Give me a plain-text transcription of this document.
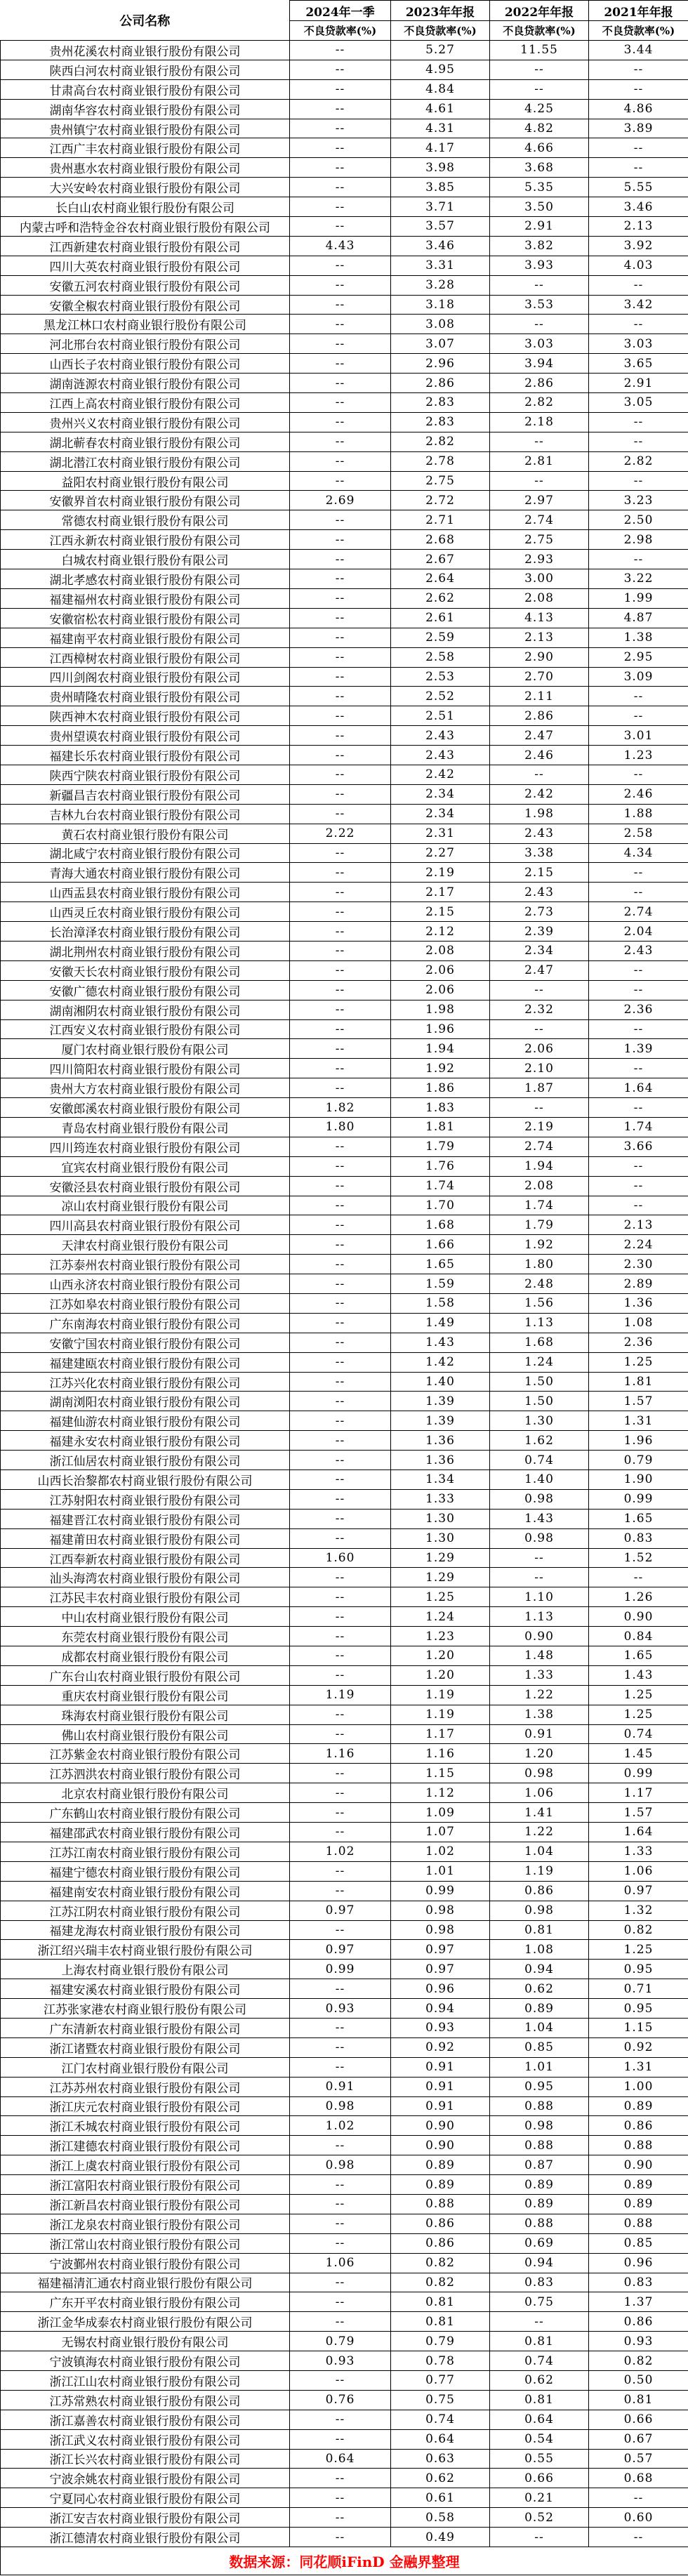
公司名称	2024年一季	2023年年报	2022年年报	2021年年报
	不良贷款率(%)	不良贷款率(%)	不良贷款率(%)	不良贷款率(%)
贵州花溪农村商业银行股份有限公司	--	5.27	11.55	3.44
陕西白河农村商业银行股份有限公司	--	4.95	--	--
甘肃高台农村商业银行股份有限公司	--	4.84	--	--
湖南华容农村商业银行股份有限公司	--	4.61	4.25	4.86
贵州镇宁农村商业银行股份有限公司	--	4.31	4.82	3.89
江西广丰农村商业银行股份有限公司	--	4.17	4.66	--
贵州惠水农村商业银行股份有限公司	--	3.98	3.68	--
大兴安岭农村商业银行股份有限公司	--	3.85	5.35	5.55
长白山农村商业银行股份有限公司	--	3.71	3.50	3.46
内蒙古呼和浩特金谷农村商业银行股份有限公司	--	3.57	2.91	2.13
江西新建农村商业银行股份有限公司	4.43	3.46	3.82	3.92
四川大英农村商业银行股份有限公司	--	3.31	3.93	4.03
安徽五河农村商业银行股份有限公司	--	3.28	--	--
安徽全椒农村商业银行股份有限公司	--	3.18	3.53	3.42
黑龙江林口农村商业银行股份有限公司	--	3.08	--	--
河北邢台农村商业银行股份有限公司	--	3.07	3.03	3.03
山西长子农村商业银行股份有限公司	--	2.96	3.94	3.65
湖南涟源农村商业银行股份有限公司	--	2.86	2.86	2.91
江西上高农村商业银行股份有限公司	--	2.83	2.82	3.05
贵州兴义农村商业银行股份有限公司	--	2.83	2.18	--
湖北蕲春农村商业银行股份有限公司	--	2.82	--	--
湖北潜江农村商业银行股份有限公司	--	2.78	2.81	2.82
益阳农村商业银行股份有限公司	--	2.75	--	--
安徽界首农村商业银行股份有限公司	2.69	2.72	2.97	3.23
常德农村商业银行股份有限公司	--	2.71	2.74	2.50
江西永新农村商业银行股份有限公司	--	2.68	2.75	2.98
白城农村商业银行股份有限公司	--	2.67	2.93	--
湖北孝感农村商业银行股份有限公司	--	2.64	3.00	3.22
福建福州农村商业银行股份有限公司	--	2.62	2.08	1.99
安徽宿松农村商业银行股份有限公司	--	2.61	4.13	4.87
福建南平农村商业银行股份有限公司	--	2.59	2.13	1.38
江西樟树农村商业银行股份有限公司	--	2.58	2.90	2.95
四川剑阁农村商业银行股份有限公司	--	2.53	2.70	3.09
贵州晴隆农村商业银行股份有限公司	--	2.52	2.11	--
陕西神木农村商业银行股份有限公司	--	2.51	2.86	--
贵州望谟农村商业银行股份有限公司	--	2.43	2.47	3.01
福建长乐农村商业银行股份有限公司	--	2.43	2.46	1.23
陕西宁陕农村商业银行股份有限公司	--	2.42	--	--
新疆昌吉农村商业银行股份有限公司	--	2.34	2.42	2.46
吉林九台农村商业银行股份有限公司	--	2.34	1.98	1.88
黄石农村商业银行股份有限公司	2.22	2.31	2.43	2.58
湖北咸宁农村商业银行股份有限公司	--	2.27	3.38	4.34
青海大通农村商业银行股份有限公司	--	2.19	2.15	--
山西盂县农村商业银行股份有限公司	--	2.17	2.43	--
山西灵丘农村商业银行股份有限公司	--	2.15	2.73	2.74
长治漳泽农村商业银行股份有限公司	--	2.12	2.39	2.04
湖北荆州农村商业银行股份有限公司	--	2.08	2.34	2.43
安徽天长农村商业银行股份有限公司	--	2.06	2.47	--
安徽广德农村商业银行股份有限公司	--	2.06	--	--
湖南湘阴农村商业银行股份有限公司	--	1.98	2.32	2.36
江西安义农村商业银行股份有限公司	--	1.96	--	--
厦门农村商业银行股份有限公司	--	1.94	2.06	1.39
四川简阳农村商业银行股份有限公司	--	1.92	2.10	--
贵州大方农村商业银行股份有限公司	--	1.86	1.87	1.64
安徽郎溪农村商业银行股份有限公司	1.82	1.83	--	--
青岛农村商业银行股份有限公司	1.80	1.81	2.19	1.74
四川筠连农村商业银行股份有限公司	--	1.79	2.74	3.66
宜宾农村商业银行股份有限公司	--	1.76	1.94	--
安徽泾县农村商业银行股份有限公司	--	1.74	2.08	--
凉山农村商业银行股份有限公司	--	1.70	1.74	--
四川高县农村商业银行股份有限公司	--	1.68	1.79	2.13
天津农村商业银行股份有限公司	--	1.66	1.92	2.24
江苏泰州农村商业银行股份有限公司	--	1.65	1.80	2.30
山西永济农村商业银行股份有限公司	--	1.59	2.48	2.89
江苏如皋农村商业银行股份有限公司	--	1.58	1.56	1.36
广东南海农村商业银行股份有限公司	--	1.49	1.13	1.08
安徽宁国农村商业银行股份有限公司	--	1.43	1.68	2.36
福建建瓯农村商业银行股份有限公司	--	1.42	1.24	1.25
江苏兴化农村商业银行股份有限公司	--	1.40	1.50	1.81
湖南浏阳农村商业银行股份有限公司	--	1.39	1.50	1.57
福建仙游农村商业银行股份有限公司	--	1.39	1.30	1.31
福建永安农村商业银行股份有限公司	--	1.36	1.62	1.96
浙江仙居农村商业银行股份有限公司	--	1.36	0.74	0.79
山西长治黎都农村商业银行股份有限公司	--	1.34	1.40	1.90
江苏射阳农村商业银行股份有限公司	--	1.33	0.98	0.99
福建晋江农村商业银行股份有限公司	--	1.30	1.43	1.65
福建莆田农村商业银行股份有限公司	--	1.30	0.98	0.83
江西奉新农村商业银行股份有限公司	1.60	1.29	--	1.52
汕头海湾农村商业银行股份有限公司	--	1.29	--	--
江苏民丰农村商业银行股份有限公司	--	1.25	1.10	1.26
中山农村商业银行股份有限公司	--	1.24	1.13	0.90
东莞农村商业银行股份有限公司	--	1.23	0.90	0.84
成都农村商业银行股份有限公司	--	1.20	1.48	1.65
广东台山农村商业银行股份有限公司	--	1.20	1.33	1.43
重庆农村商业银行股份有限公司	1.19	1.19	1.22	1.25
珠海农村商业银行股份有限公司	--	1.19	1.38	1.25
佛山农村商业银行股份有限公司	--	1.17	0.91	0.74
江苏紫金农村商业银行股份有限公司	1.16	1.16	1.20	1.45
江苏泗洪农村商业银行股份有限公司	--	1.15	0.98	0.99
北京农村商业银行股份有限公司	--	1.12	1.06	1.17
广东鹤山农村商业银行股份有限公司	--	1.09	1.41	1.57
福建邵武农村商业银行股份有限公司	--	1.07	1.22	1.64
江苏江南农村商业银行股份有限公司	1.02	1.02	1.04	1.33
福建宁德农村商业银行股份有限公司	--	1.01	1.19	1.06
福建南安农村商业银行股份有限公司	--	0.99	0.86	0.97
江苏江阴农村商业银行股份有限公司	0.97	0.98	0.98	1.32
福建龙海农村商业银行股份有限公司	--	0.98	0.81	0.82
浙江绍兴瑞丰农村商业银行股份有限公司	0.97	0.97	1.08	1.25
上海农村商业银行股份有限公司	0.99	0.97	0.94	0.95
福建安溪农村商业银行股份有限公司	--	0.96	0.62	0.71
江苏张家港农村商业银行股份有限公司	0.93	0.94	0.89	0.95
广东清新农村商业银行股份有限公司	--	0.93	1.04	1.15
浙江诸暨农村商业银行股份有限公司	--	0.92	0.85	0.92
江门农村商业银行股份有限公司	--	0.91	1.01	1.31
江苏苏州农村商业银行股份有限公司	0.91	0.91	0.95	1.00
浙江庆元农村商业银行股份有限公司	0.98	0.91	0.88	0.89
浙江禾城农村商业银行股份有限公司	1.02	0.90	0.98	0.86
浙江建德农村商业银行股份有限公司	--	0.90	0.88	0.88
浙江上虞农村商业银行股份有限公司	0.98	0.89	0.87	0.90
浙江富阳农村商业银行股份有限公司	--	0.89	0.89	0.89
浙江新昌农村商业银行股份有限公司	--	0.88	0.89	0.89
浙江龙泉农村商业银行股份有限公司	--	0.86	0.88	0.88
浙江常山农村商业银行股份有限公司	--	0.86	0.69	0.85
宁波鄞州农村商业银行股份有限公司	1.06	0.82	0.94	0.96
福建福清汇通农村商业银行股份有限公司	--	0.82	0.83	0.83
广东开平农村商业银行股份有限公司	--	0.81	0.75	1.37
浙江金华成泰农村商业银行股份有限公司	--	0.81	--	0.86
无锡农村商业银行股份有限公司	0.79	0.79	0.81	0.93
宁波镇海农村商业银行股份有限公司	0.93	0.78	0.74	0.82
浙江江山农村商业银行股份有限公司	--	0.77	0.62	0.50
江苏常熟农村商业银行股份有限公司	0.76	0.75	0.81	0.81
浙江嘉善农村商业银行股份有限公司	--	0.74	0.64	0.66
浙江武义农村商业银行股份有限公司	--	0.64	0.54	0.67
浙江长兴农村商业银行股份有限公司	0.64	0.63	0.55	0.57
宁波余姚农村商业银行股份有限公司	--	0.62	0.66	0.68
宁夏同心农村商业银行股份有限公司	--	0.61	0.21	--
浙江安吉农村商业银行股份有限公司	--	0.58	0.52	0.60
浙江德清农村商业银行股份有限公司	--	0.49	--	--
数据来源：同花顺iFinD 金融界整理				
